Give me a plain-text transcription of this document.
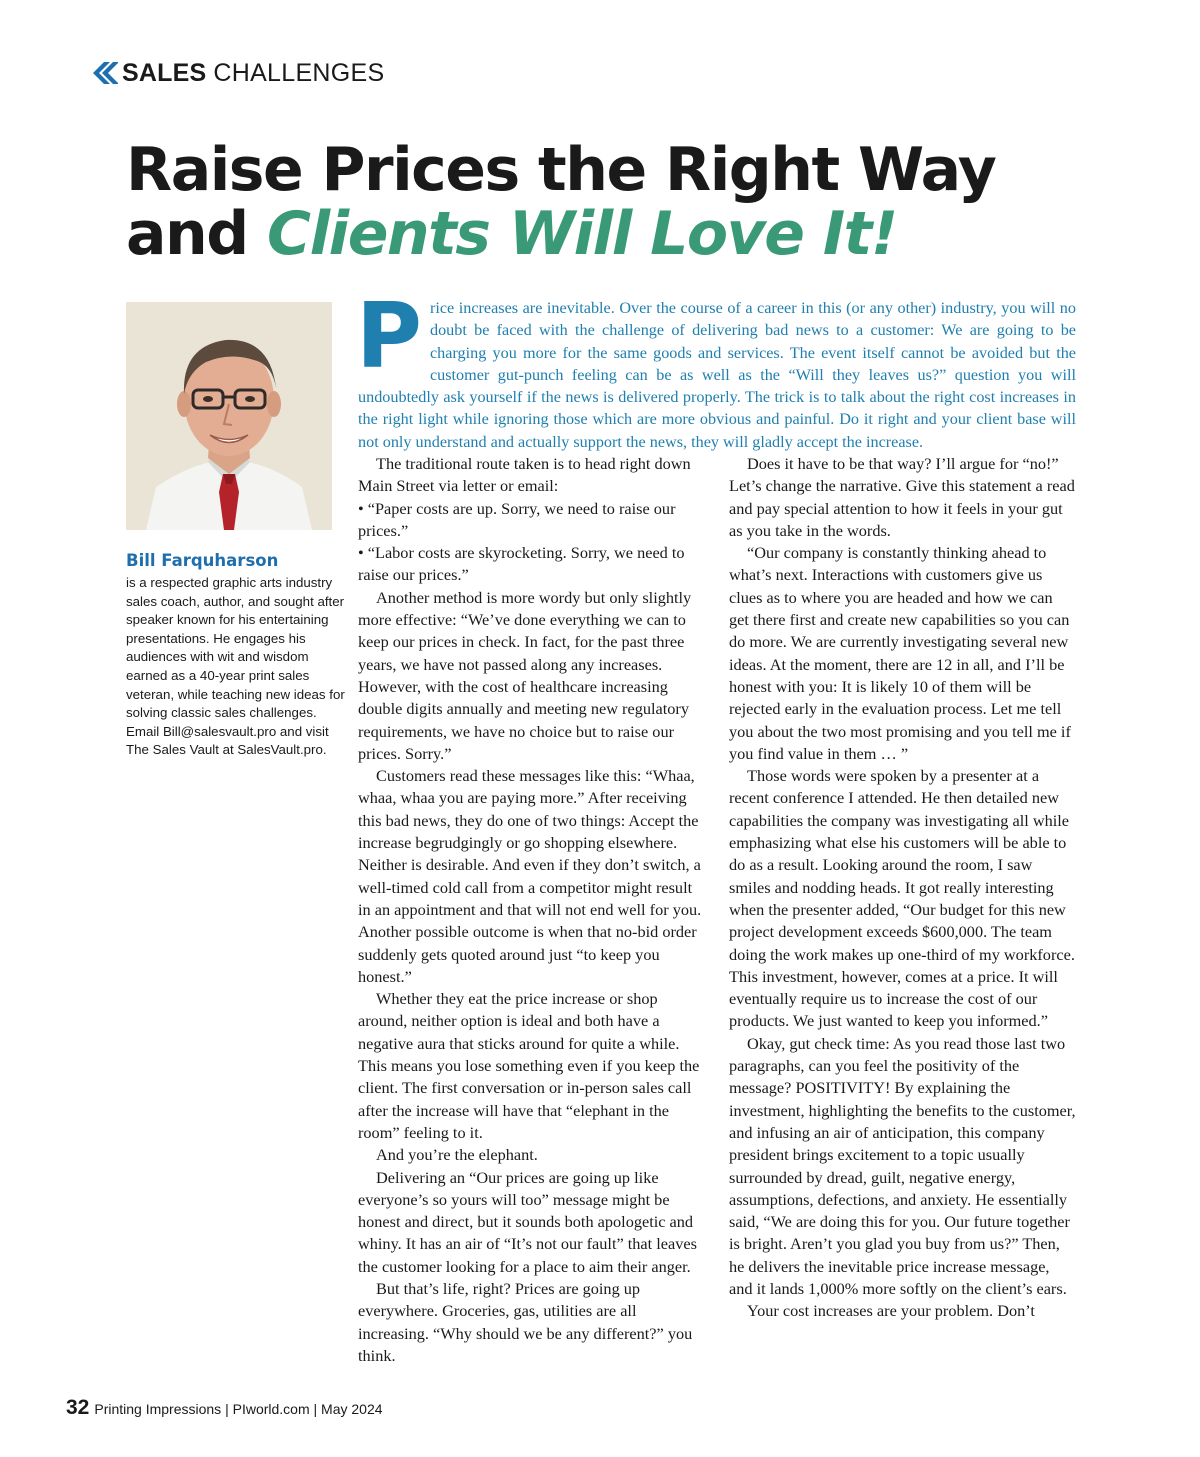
SALES CHALLENGES
Raise Prices the Right Way
and Clients Will Love It!
Bill Farquharson
is a respected graphic arts industry sales coach, author, and sought after speaker known for his entertaining presentations. He engages his audiences with wit and wisdom earned as a 40-year print sales veteran, while teaching new ideas for solving classic sales challenges. Email Bill@salesvault.pro and visit The Sales Vault at SalesVault.pro.
Price increases are inevitable. Over the course of a career in this (or any other) industry, you will no doubt be faced with the challenge of delivering bad news to a customer: We are going to be charging you more for the same goods and services. The event itself cannot be avoided but the customer gut-punch feeling can be as well as the “Will they leaves us?” question you will undoubtedly ask yourself if the news is delivered properly. The trick is to talk about the right cost increases in the right light while ignoring those which are more obvious and painful. Do it right and your client base will not only understand and actually support the news, they will gladly accept the increase.

The traditional route taken is to head right down Main Street via letter or email:

• “Paper costs are up. Sorry, we need to raise our prices.”

• “Labor costs are skyrocketing. Sorry, we need to raise our prices.”

Another method is more wordy but only slightly more effective: “We’ve done everything we can to keep our prices in check. In fact, for the past three years, we have not passed along any increases. However, with the cost of healthcare increasing double digits annually and meeting new regulatory requirements, we have no choice but to raise our prices. Sorry.”

Customers read these messages like this: “Whaa, whaa, whaa you are paying more.” After receiving this bad news, they do one of two things: Accept the increase begrudgingly or go shopping elsewhere. Neither is desirable. And even if they don’t switch, a well-timed cold call from a competitor might result in an appointment and that will not end well for you. Another possible outcome is when that no-bid order suddenly gets quoted around just “to keep you honest.”

Whether they eat the price increase or shop around, neither option is ideal and both have a negative aura that sticks around for quite a while. This means you lose something even if you keep the client. The first conversation or in-person sales call after the increase will have that “elephant in the room” feeling to it.

And you’re the elephant.

Delivering an “Our prices are going up like everyone’s so yours will too” message might be honest and direct, but it sounds both apologetic and whiny. It has an air of “It’s not our fault” that leaves the customer looking for a place to aim their anger.

But that’s life, right? Prices are going up everywhere. Groceries, gas, utilities are all increasing. “Why should we be any different?” you think.

Does it have to be that way? I’ll argue for “no!” Let’s change the narrative. Give this statement a read and pay special attention to how it feels in your gut as you take in the words.

“Our company is constantly thinking ahead to what’s next. Interactions with customers give us clues as to where you are headed and how we can get there first and create new capabilities so you can do more. We are currently investigating several new ideas. At the moment, there are 12 in all, and I’ll be honest with you: It is likely 10 of them will be rejected early in the evaluation process. Let me tell you about the two most promising and you tell me if you find value in them … ”

Those words were spoken by a presenter at a recent conference I attended. He then detailed new capabilities the company was investigating all while emphasizing what else his customers will be able to do as a result. Looking around the room, I saw smiles and nodding heads. It got really interesting when the presenter added, “Our budget for this new project development exceeds $600,000. The team doing the work makes up one-third of my workforce. This investment, however, comes at a price. It will eventually require us to increase the cost of our products. We just wanted to keep you informed.”

Okay, gut check time: As you read those last two paragraphs, can you feel the positivity of the message? POSITIVITY! By explaining the investment, highlighting the benefits to the customer, and infusing an air of anticipation, this company president brings excitement to a topic usually surrounded by dread, guilt, negative energy, assumptions, defections, and anxiety. He essentially said, “We are doing this for you. Our future together is bright. Aren’t you glad you buy from us?” Then, he delivers the inevitable price increase message, and it lands 1,000% more softly on the client’s ears.

Your cost increases are your problem. Don’t

32 Printing Impressions | PIworld.com | May 2024
